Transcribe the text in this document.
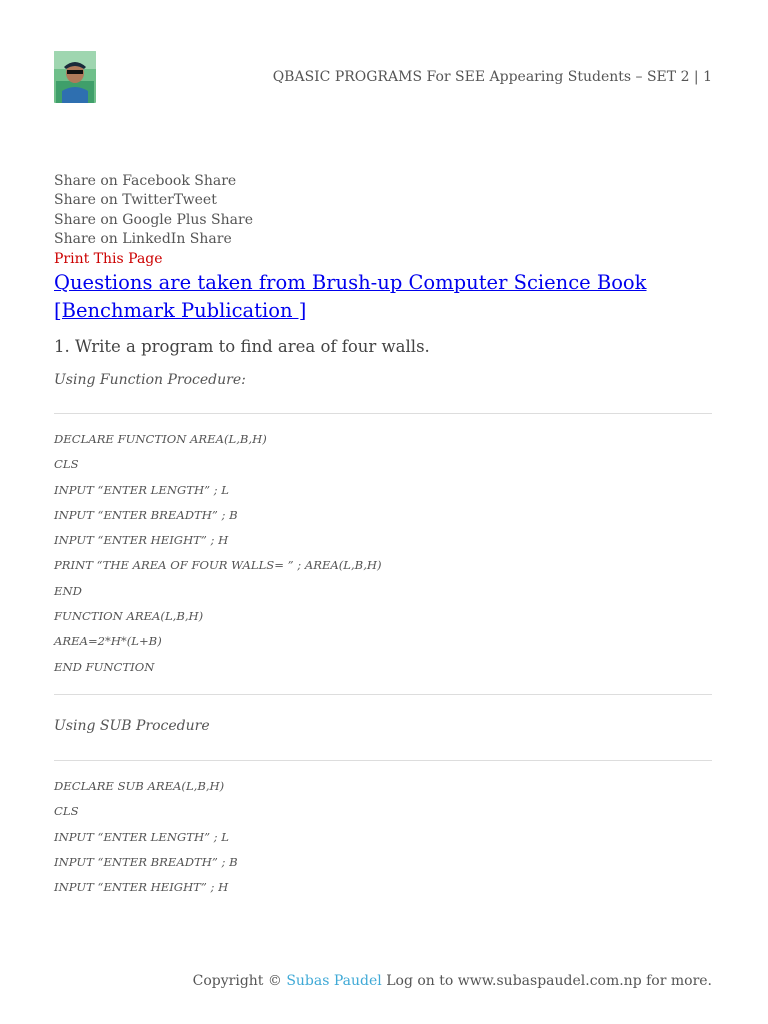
QBASIC PROGRAMS For SEE Appearing Students – SET 2 | 1
Share on Facebook Share
Share on TwitterTweet
Share on Google Plus Share
Share on LinkedIn Share
Print This Page
Questions are taken from Brush-up Computer Science Book [Benchmark Publication ]
1. Write a program to find area of four walls.
Using Function Procedure:
DECLARE FUNCTION AREA(L,B,H)
CLS
INPUT “ENTER LENGTH” ; L
INPUT “ENTER BREADTH” ; B
INPUT “ENTER HEIGHT” ; H
PRINT “THE AREA OF FOUR WALLS= ” ; AREA(L,B,H)
END
FUNCTION AREA(L,B,H)
AREA=2*H*(L+B)
END FUNCTION
Using SUB Procedure
DECLARE SUB AREA(L,B,H)
CLS
INPUT “ENTER LENGTH” ; L
INPUT “ENTER BREADTH” ; B
INPUT “ENTER HEIGHT” ; H
Copyright © Subas Paudel Log on to www.subaspaudel.com.np for more.
